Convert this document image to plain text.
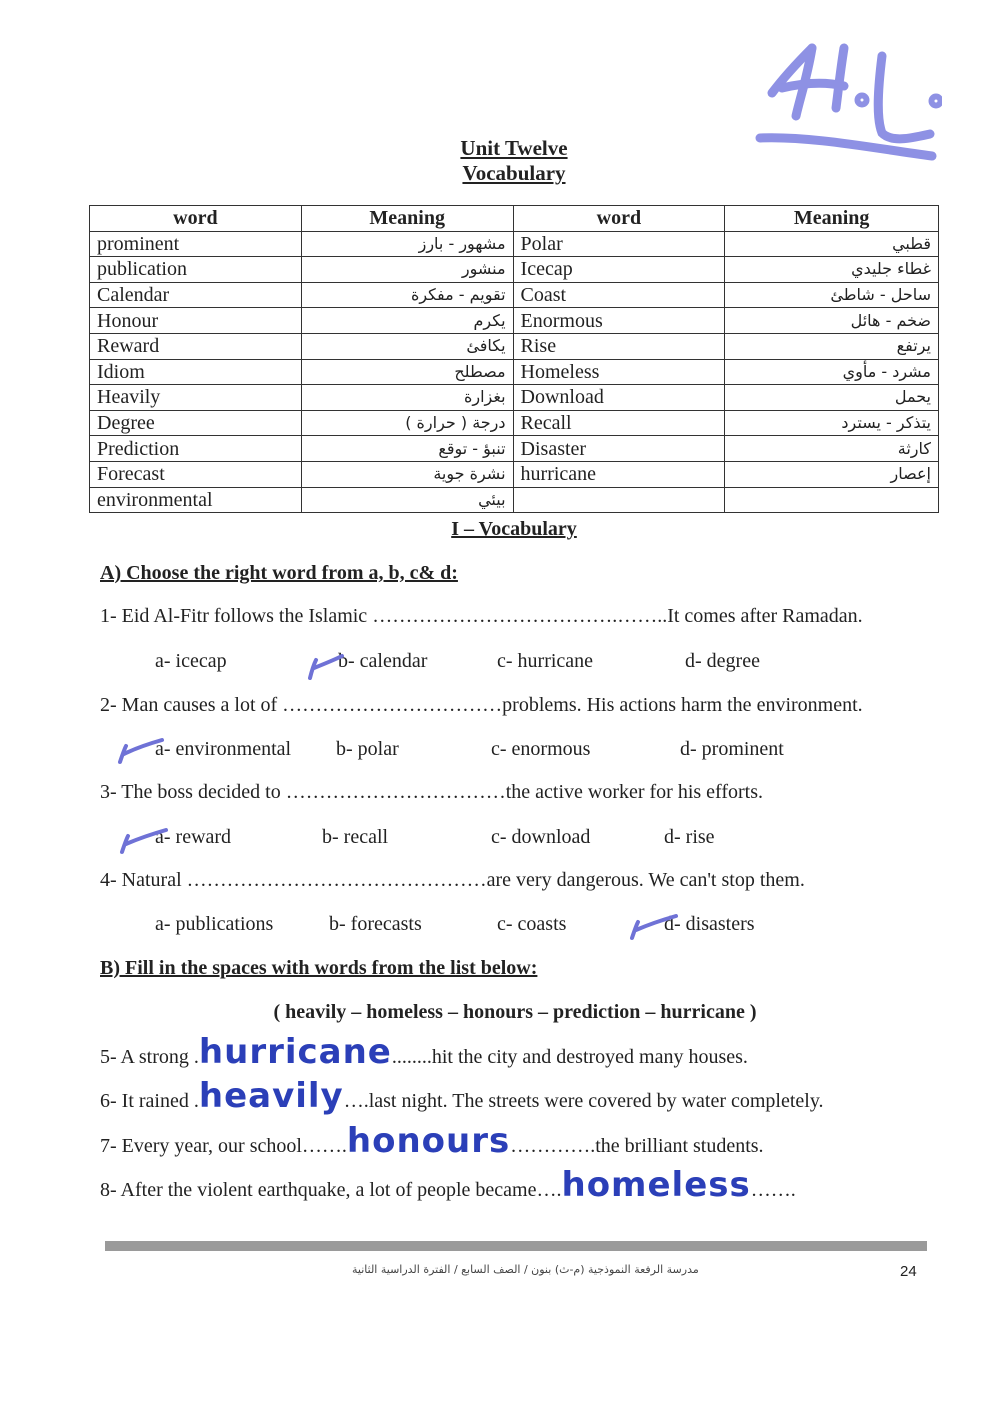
Unit Twelve
Vocabulary
word	Meaning	word	Meaning
prominent	مشهور - بارز	Polar	قطبي
publication	منشور	Icecap	غطاء جليدي
Calendar	تقويم - مفكرة	Coast	ساحل - شاطئ
Honour	يكرم	Enormous	ضخم - هائل
Reward	يكافئ	Rise	يرتفع
Idiom	مصطلح	Homeless	مشرد - مأوي
Heavily	بغزارة	Download	يحمل
Degree	درجة ( حرارة )	Recall	يتذكر - يسترد
Prediction	تنبؤ - توقع	Disaster	كارثة
Forecast	نشرة جوية	hurricane	إعصار
environmental	بيئي		
I – Vocabulary
A) Choose the right word from a, b, c& d:
1- Eid Al-Fitr follows the Islamic ……………………………….……..It comes after Ramadan.
a- icecap	b- calendar	c- hurricane	d- degree
2- Man causes a lot of ……………………………problems. His actions harm the environment.
a- environmental b- polar	c- enormous	d- prominent
3- The boss decided to ……………………………the active worker for his efforts.
a- reward	b- recall	c- download	d- rise
4- Natural ………………………………………are very dangerous. We can't stop them.
a- publications	b- forecasts	c- coasts	d- disasters
B) Fill in the spaces with words from the list below:
( heavily – homeless – honours – prediction – hurricane )
5- A strong .hurricane........hit the city and destroyed many houses.
6- It rained .heavily….last night. The streets were covered by water completely.
7- Every year, our school…….honours………….the brilliant students.
8- After the violent earthquake, a lot of people became….homeless…….
مدرسة الرفعة النموذجية (م-ث) بنون / الصف السابع / الفترة الدراسية الثانية	24
